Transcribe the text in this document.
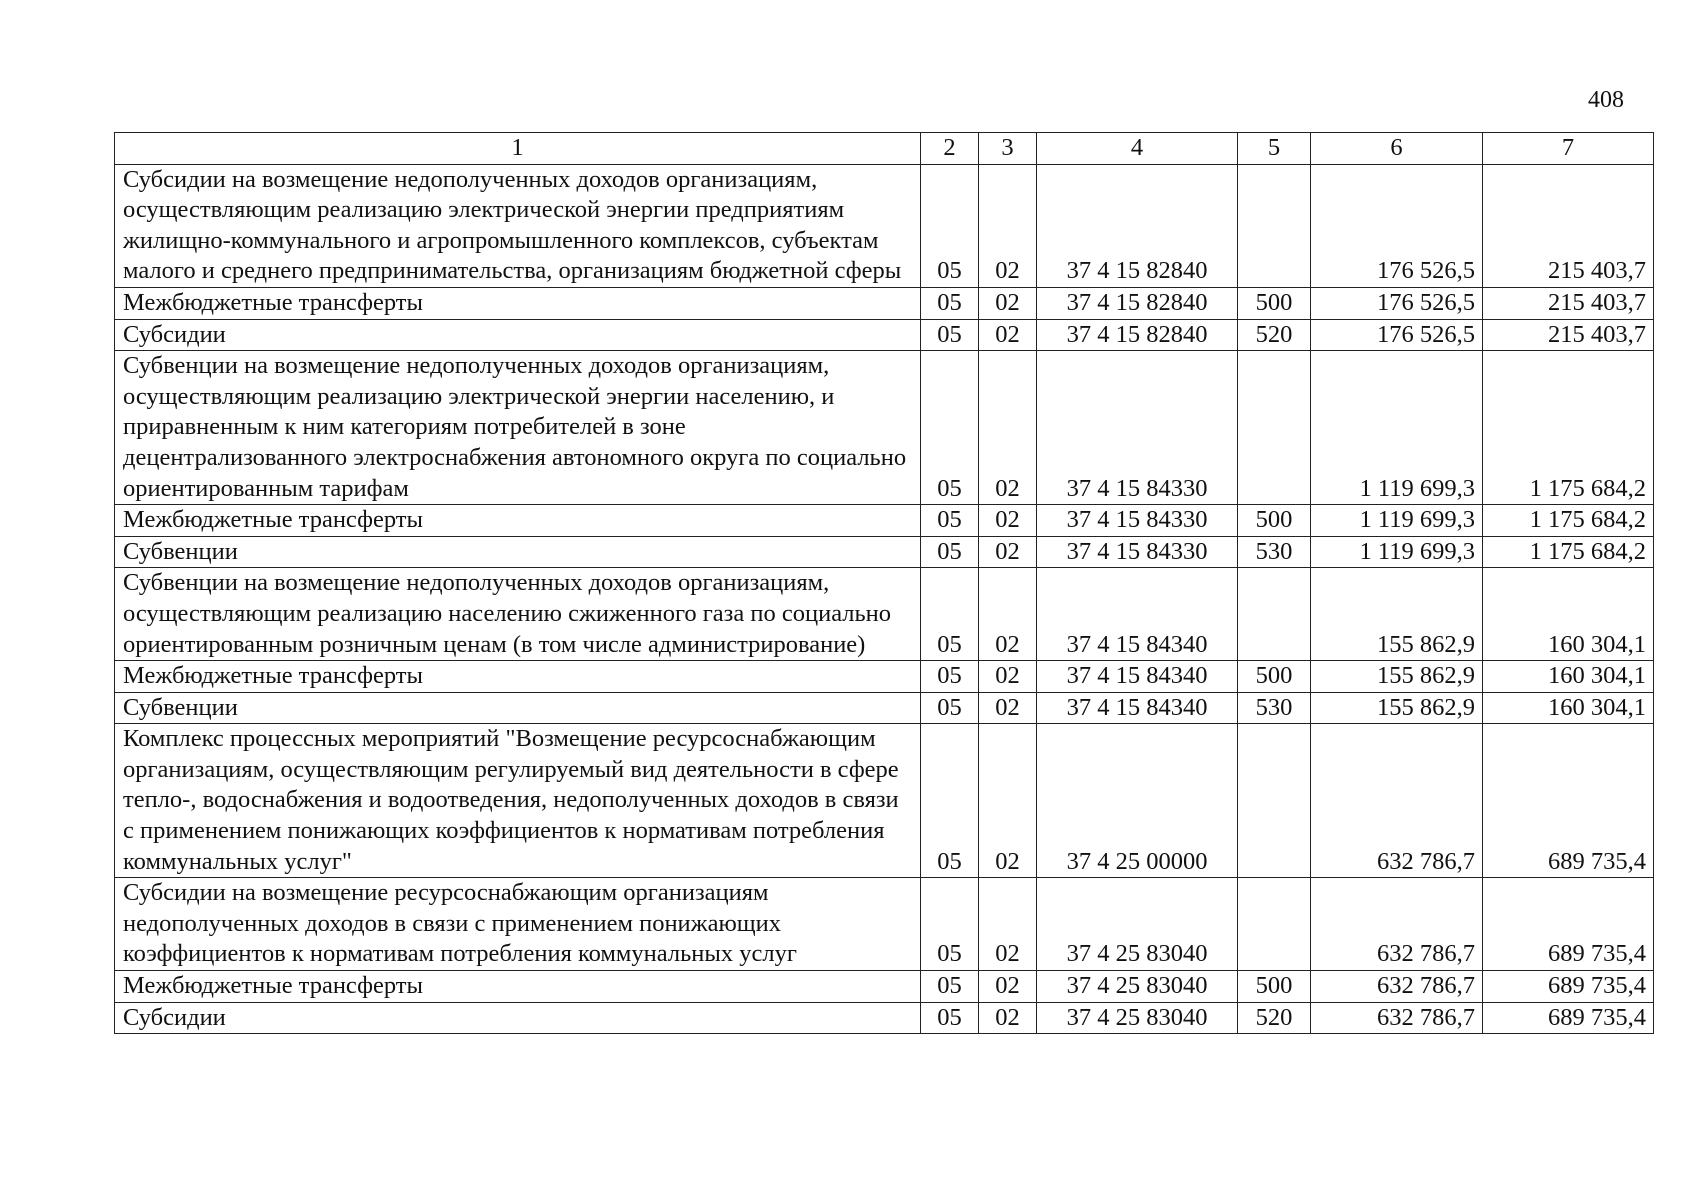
408
1	2	3	4	5	6	7
Субсидии на возмещение недополученных доходов организациям, осуществляющим реализацию электрической энергии предприятиям жилищно-коммунального и агропромышленного комплексов, субъектам малого и среднего предпринимательства, организациям бюджетной сферы	05	02	37 4 15 82840		176 526,5	215 403,7
Межбюджетные трансферты	05	02	37 4 15 82840	500	176 526,5	215 403,7
Субсидии	05	02	37 4 15 82840	520	176 526,5	215 403,7
Субвенции на возмещение недополученных доходов организациям, осуществляющим реализацию электрической энергии населению, и приравненным к ним категориям потребителей в зоне децентрализованного электроснабжения автономного округа по социально ориентированным тарифам	05	02	37 4 15 84330		1 119 699,3	1 175 684,2
Межбюджетные трансферты	05	02	37 4 15 84330	500	1 119 699,3	1 175 684,2
Субвенции	05	02	37 4 15 84330	530	1 119 699,3	1 175 684,2
Субвенции на возмещение недополученных доходов организациям, осуществляющим реализацию населению сжиженного газа по социально ориентированным розничным ценам (в том числе администрирование)	05	02	37 4 15 84340		155 862,9	160 304,1
Межбюджетные трансферты	05	02	37 4 15 84340	500	155 862,9	160 304,1
Субвенции	05	02	37 4 15 84340	530	155 862,9	160 304,1
Комплекс процессных мероприятий "Возмещение ресурсоснабжающим организациям, осуществляющим регулируемый вид деятельности в сфере тепло-, водоснабжения и водоотведения, недополученных доходов в связи с применением понижающих коэффициентов к нормативам потребления коммунальных услуг"	05	02	37 4 25 00000		632 786,7	689 735,4
Субсидии на возмещение ресурсоснабжающим организациям недополученных доходов в связи с применением понижающих коэффициентов к нормативам потребления коммунальных услуг	05	02	37 4 25 83040		632 786,7	689 735,4
Межбюджетные трансферты	05	02	37 4 25 83040	500	632 786,7	689 735,4
Субсидии	05	02	37 4 25 83040	520	632 786,7	689 735,4
